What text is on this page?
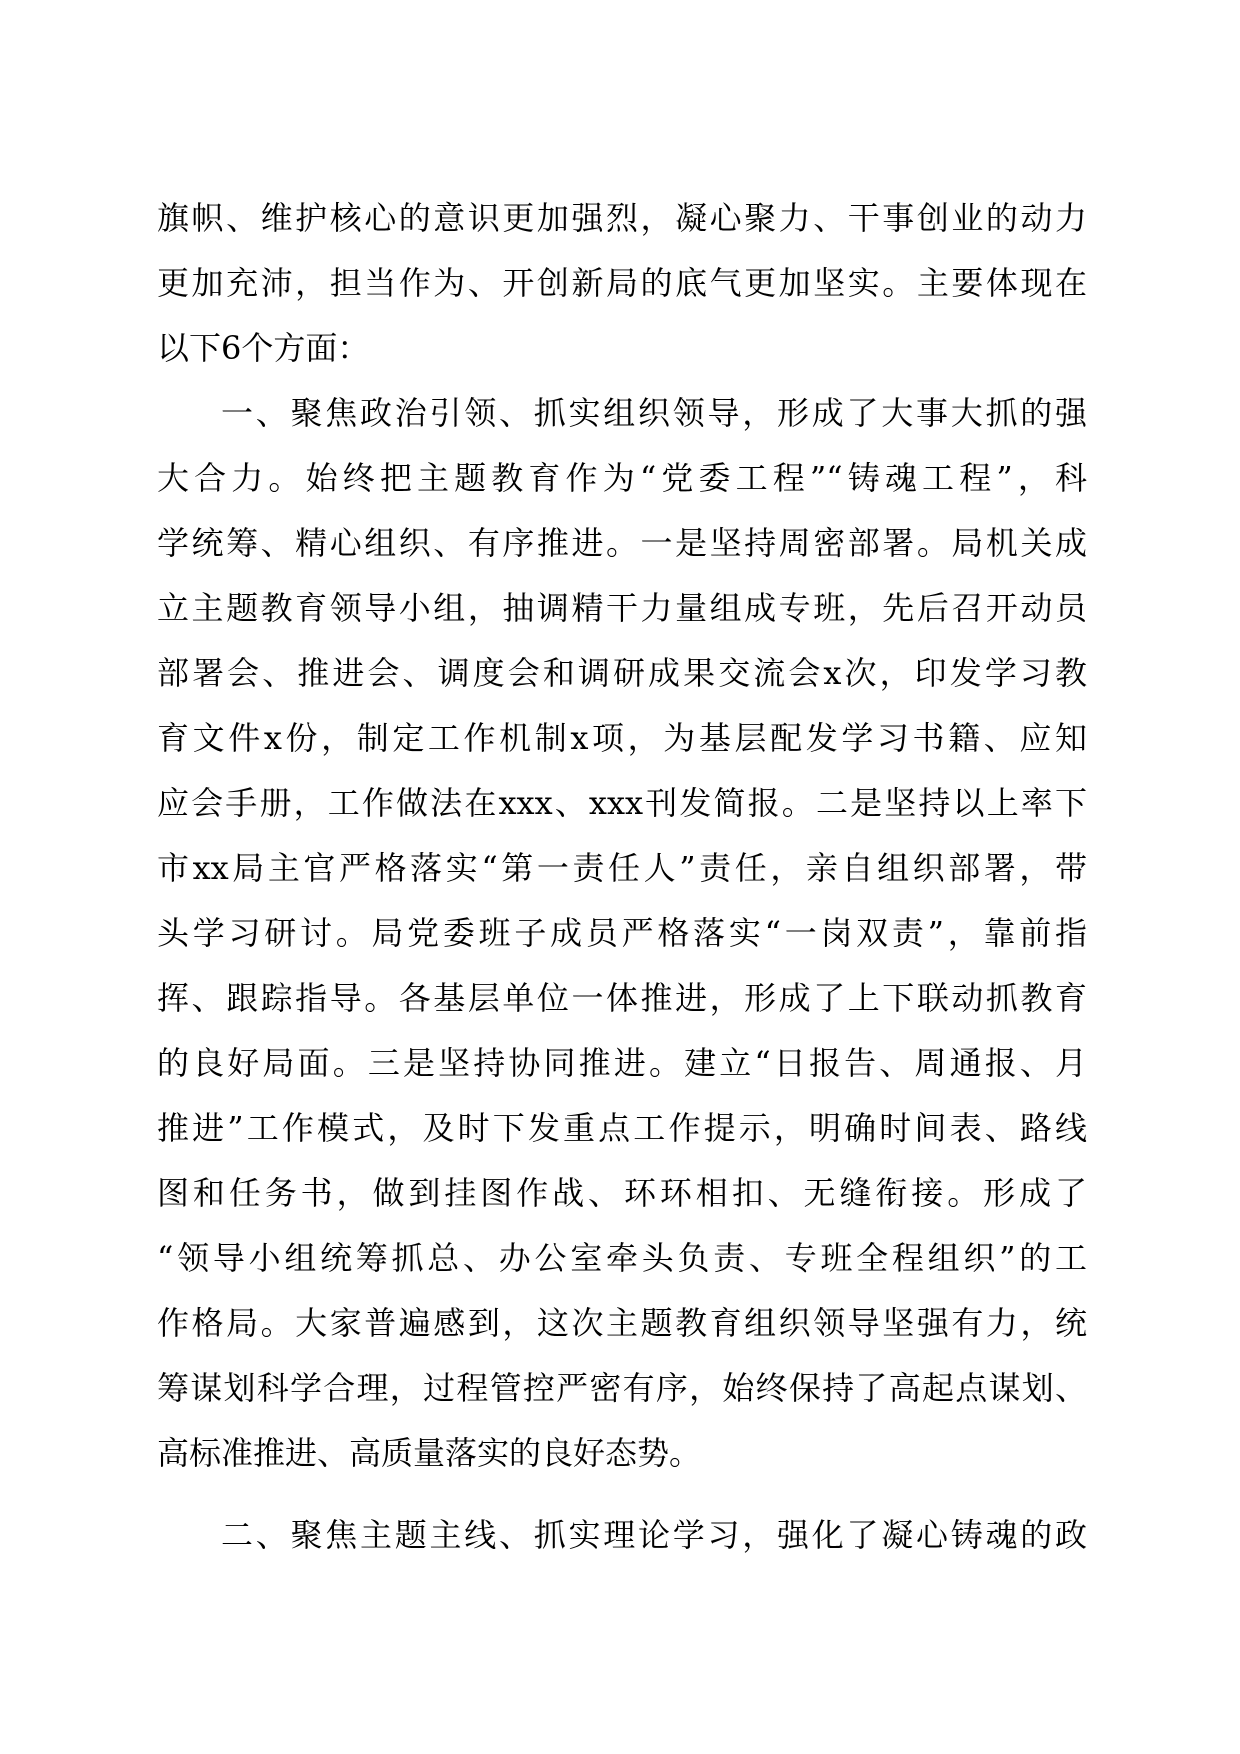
旗帜、维护核心的意识更加强烈，凝心聚力、干事创业的动力
更加充沛，担当作为、开创新局的底气更加坚实。主要体现在
以下6个方面：
一、聚焦政治引领、抓实组织领导，形成了大事大抓的强
大合力。始终把主题教育作为“党委工程”“铸魂工程”，科
学统筹、精心组织、有序推进。一是坚持周密部署。局机关成
立主题教育领导小组，抽调精干力量组成专班，先后召开动员
部署会、推进会、调度会和调研成果交流会x次，印发学习教
育文件x份，制定工作机制x项，为基层配发学习书籍、应知
应会手册，工作做法在xxx、xxx刊发简报。二是坚持以上率下
市xx局主官严格落实“第一责任人”责任，亲自组织部署，带
头学习研讨。局党委班子成员严格落实“一岗双责”，靠前指
挥、跟踪指导。各基层单位一体推进，形成了上下联动抓教育
的良好局面。三是坚持协同推进。建立“日报告、周通报、月
推进”工作模式，及时下发重点工作提示，明确时间表、路线
图和任务书，做到挂图作战、环环相扣、无缝衔接。形成了
“领导小组统筹抓总、办公室牵头负责、专班全程组织”的工
作格局。大家普遍感到，这次主题教育组织领导坚强有力，统
筹谋划科学合理，过程管控严密有序，始终保持了高起点谋划、
高标准推进、高质量落实的良好态势。
二、聚焦主题主线、抓实理论学习，强化了凝心铸魂的政
